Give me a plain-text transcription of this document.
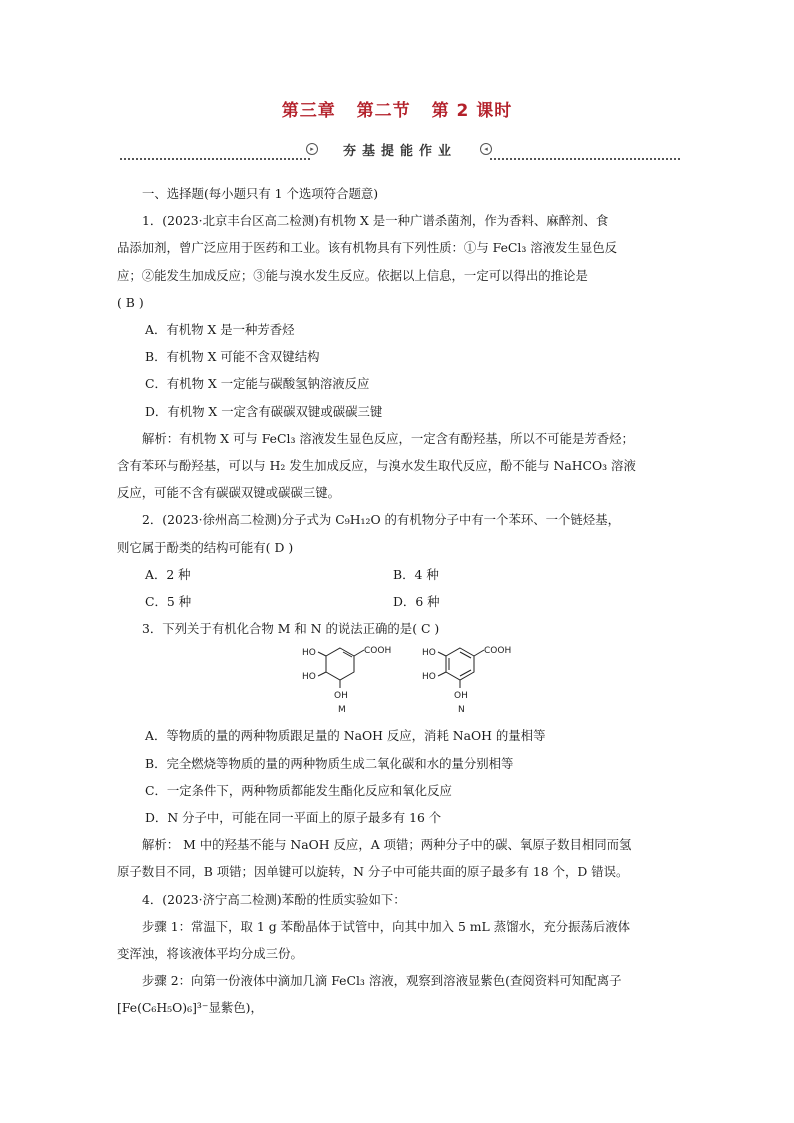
第三章 第二节 第 2 课时
▸	夯基提能作业	◂

一、选择题(每小题只有 1 个选项符合题意)

1．(2023·北京丰台区高二检测)有机物 X 是一种广谱杀菌剂，作为香料、麻醉剂、食

品添加剂，曾广泛应用于医药和工业。该有机物具有下列性质：①与 FeCl₃ 溶液发生显色反

应；②能发生加成反应；③能与溴水发生反应。依据以上信息，一定可以得出的推论是

( B )

A．有机物 X 是一种芳香烃

B．有机物 X 可能不含双键结构

C．有机物 X 一定能与碳酸氢钠溶液反应

D．有机物 X 一定含有碳碳双键或碳碳三键

解析：有机物 X 可与 FeCl₃ 溶液发生显色反应，一定含有酚羟基，所以不可能是芳香烃；

含有苯环与酚羟基，可以与 H₂ 发生加成反应，与溴水发生取代反应，酚不能与 NaHCO₃ 溶液

反应，可能不含有碳碳双键或碳碳三键。

2．(2023·徐州高二检测)分子式为 C₉H₁₂O 的有机物分子中有一个苯环、一个链烃基，

则它属于酚类的结构可能有( D )

A．2 种	B．4 种
C．5 种	D．6 种

3．下列关于有机化合物 M 和 N 的说法正确的是( C )

HO
HO
COOH
OH
M
HO
HO
COOH
OH
N

A．等物质的量的两种物质跟足量的 NaOH 反应，消耗 NaOH 的量相等

B．完全燃烧等物质的量的两种物质生成二氧化碳和水的量分别相等

C．一定条件下，两种物质都能发生酯化反应和氧化反应

D．N 分子中，可能在同一平面上的原子最多有 16 个

解析： M 中的羟基不能与 NaOH 反应，A 项错；两种分子中的碳、氧原子数目相同而氢

原子数目不同，B 项错；因单键可以旋转，N 分子中可能共面的原子最多有 18 个，D 错误。

4．(2023·济宁高二检测)苯酚的性质实验如下：

步骤 1：常温下，取 1 g 苯酚晶体于试管中，向其中加入 5 mL 蒸馏水，充分振荡后液体

变浑浊，将该液体平均分成三份。

步骤 2：向第一份液体中滴加几滴 FeCl₃ 溶液，观察到溶液显紫色(查阅资料可知配离子

[Fe(C₆H₅O)₆]³⁻显紫色)，
